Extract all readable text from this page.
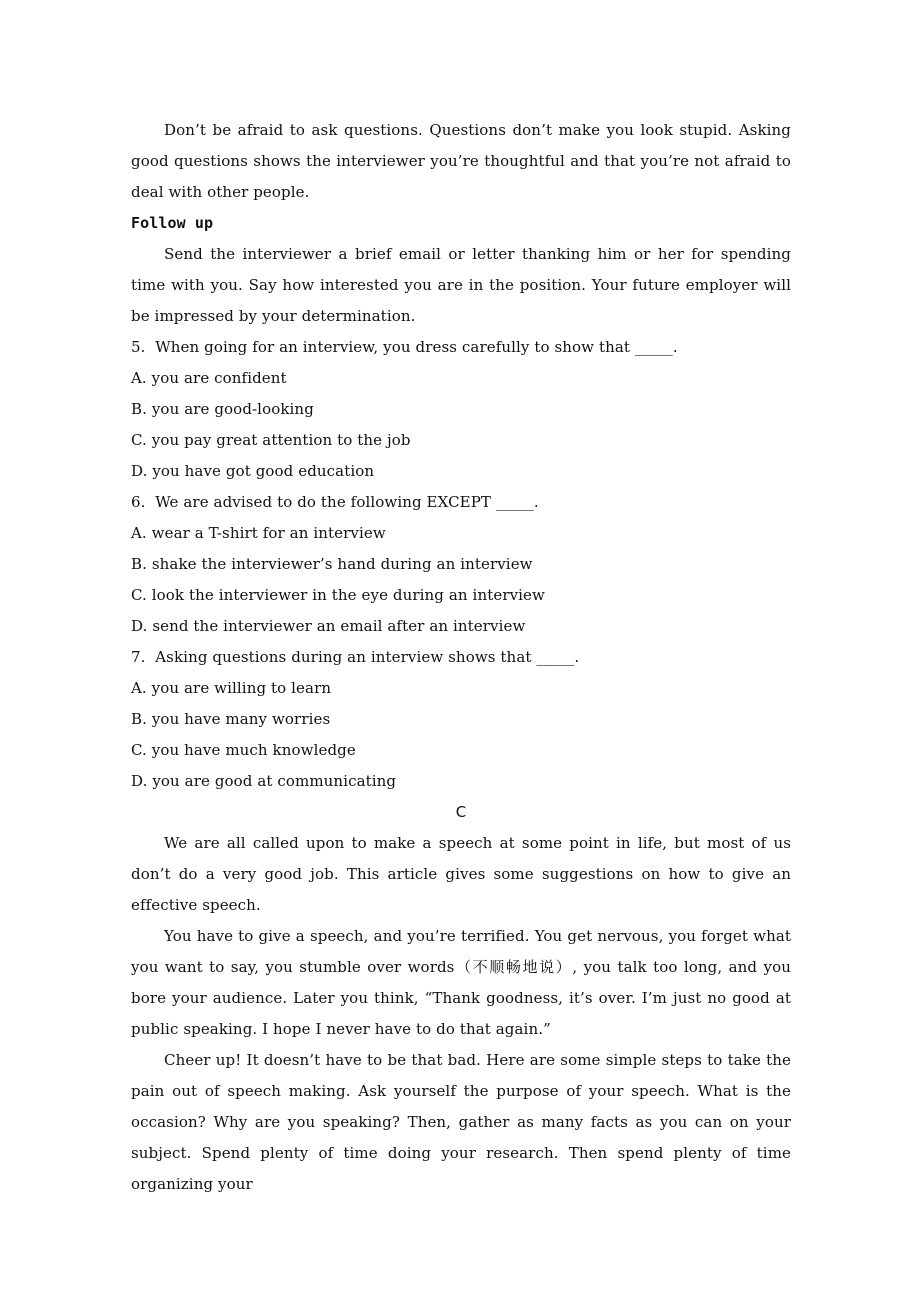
Don’t be afraid to ask questions. Questions don’t make you look stupid. Asking good questions shows the interviewer you’re thoughtful and that you’re not afraid to deal with other people.

Follow up

Send the interviewer a brief email or letter thanking him or her for spending time with you. Say how interested you are in the position. Your future employer will be impressed by your determination.

5.  When going for an interview, you dress carefully to show that _____.

A. you are confident

B. you are good-looking

C. you pay great attention to the job

D. you have got good education

6.  We are advised to do the following EXCEPT _____.

A. wear a T-shirt for an interview

B. shake the interviewer’s hand during an interview

C. look the interviewer in the eye during an interview

D. send the interviewer an email after an interview

7.  Asking questions during an interview shows that _____.

A. you are willing to learn

B. you have many worries

C. you have much knowledge

D. you are good at communicating

C

We are all called upon to make a speech at some point in life, but most of us don’t do a very good job. This article gives some suggestions on how to give an effective speech.

You have to give a speech, and you’re terrified. You get nervous, you forget what you want to say, you stumble over words（不顺畅地说）, you talk too long, and you bore your audience. Later you think, “Thank goodness, it’s over. I’m just no good at public speaking. I hope I never have to do that again.”

Cheer up! It doesn’t have to be that bad. Here are some simple steps to take the pain out of speech making. Ask yourself the purpose of your speech. What is the occasion? Why are you speaking? Then, gather as many facts as you can on your subject. Spend plenty of time doing your research. Then spend plenty of time organizing your
